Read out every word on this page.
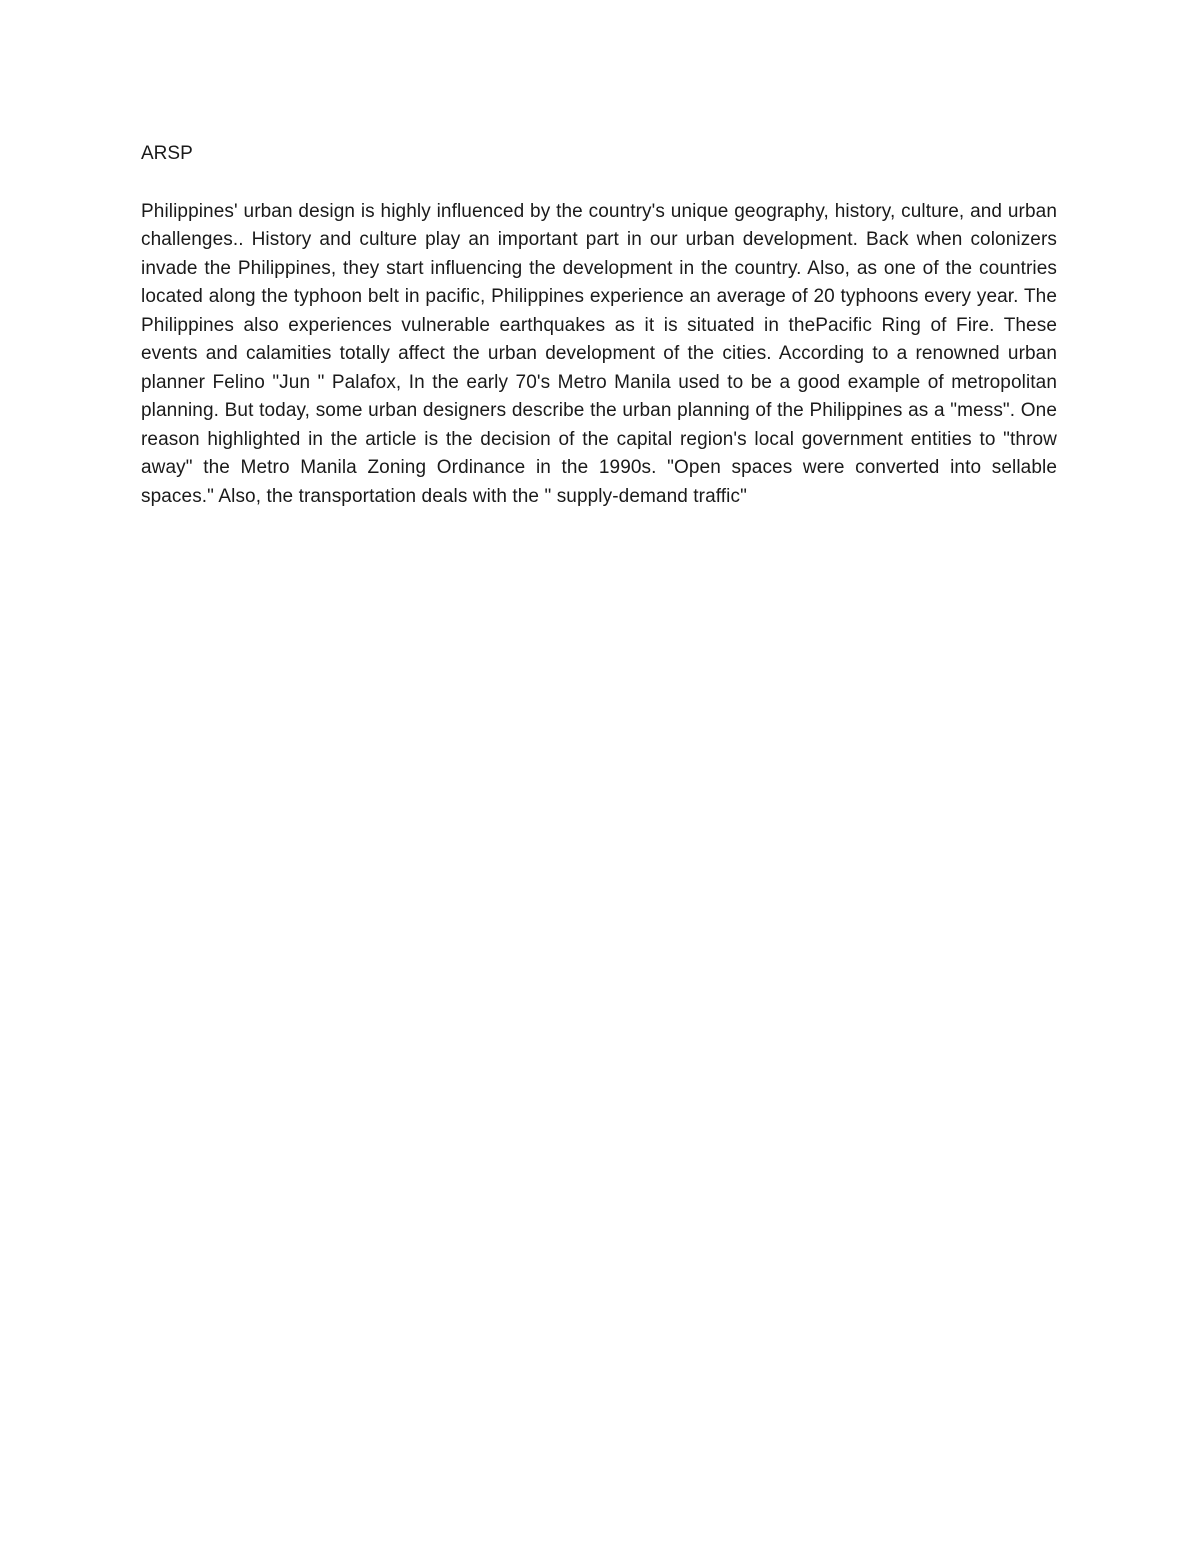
ARSP

Philippines' urban design is highly influenced by the country's unique geography, history, culture, and urban challenges.. History and culture play an important part in our urban development. Back when colonizers invade the Philippines, they start influencing the development in the country. Also, as one of the countries located along the typhoon belt in pacific, Philippines experience an average of 20 typhoons every year. The Philippines also experiences vulnerable earthquakes as it is situated in thePacific Ring of Fire. These events and calamities totally affect the urban development of the cities. According to a renowned urban planner Felino "Jun " Palafox, In the early 70's Metro Manila used to be a good example of metropolitan planning. But today, some urban designers describe the urban planning of the Philippines as a "mess". One reason highlighted in the article is the decision of the capital region's local government entities to "throw away" the Metro Manila Zoning Ordinance in the 1990s. "Open spaces were converted into sellable spaces." Also, the transportation deals with the " supply-demand traffic"
